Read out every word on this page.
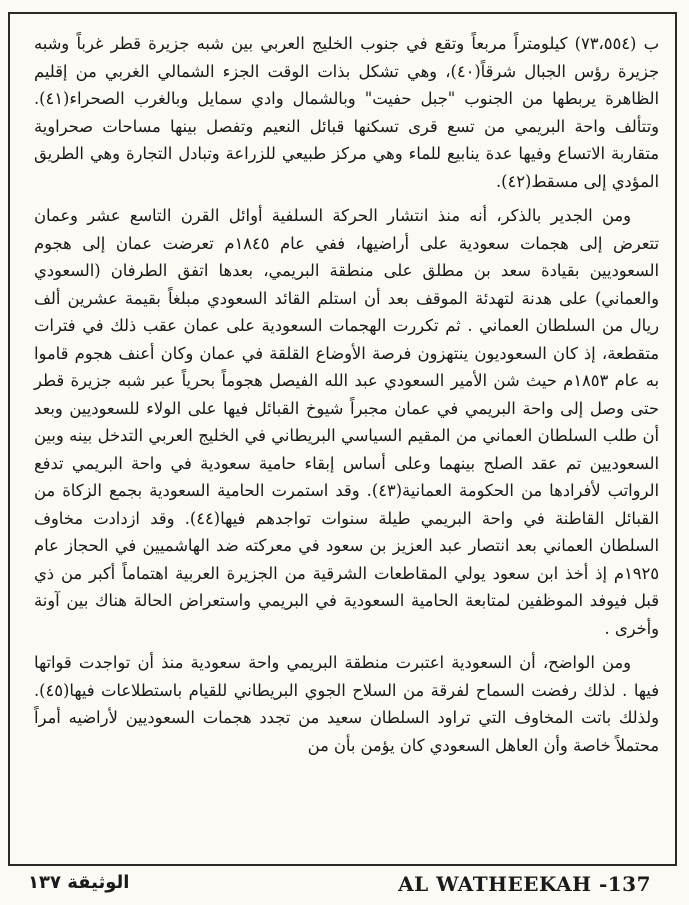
ب (٧٣،٥٥٤) كيلومتراً مربعاً وتقع في جنوب الخليج العربي بين شبه جزيرة قطر غرباً وشبه جزيرة رؤس الجبال شرقاً(٤٠)، وهي تشكل بذات الوقت الجزء الشمالي الغربي من إقليم الظاهرة يربطها من الجنوب "جبل حفيت" وبالشمال وادي سمايل وبالغرب الصحراء(٤١). وتتألف واحة البريمي من تسع قرى تسكنها قبائل النعيم وتفصل بينها مساحات صحراوية متقاربة الاتساع وفيها عدة ينابيع للماء وهي مركز طبيعي للزراعة وتبادل التجارة وهي الطريق المؤدي إلى مسقط(٤٢).

ومن الجدير بالذكر، أنه منذ انتشار الحركة السلفية أوائل القرن التاسع عشر وعمان تتعرض إلى هجمات سعودية على أراضيها، ففي عام ١٨٤٥م تعرضت عمان إلى هجوم السعوديين بقيادة سعد بن مطلق على منطقة البريمي، بعدها اتفق الطرفان (السعودي والعماني) على هدنة لتهدئة الموقف بعد أن استلم القائد السعودي مبلغاً بقيمة عشرين ألف ريال من السلطان العماني . ثم تكررت الهجمات السعودية على عمان عقب ذلك في فترات متقطعة، إذ كان السعوديون ينتهزون فرصة الأوضاع القلقة في عمان وكان أعنف هجوم قاموا به عام ١٨٥٣م حيث شن الأمير السعودي عبد الله الفيصل هجوماً بحرياً عبر شبه جزيرة قطر حتى وصل إلى واحة البريمي في عمان مجبراً شيوخ القبائل فيها على الولاء للسعوديين وبعد أن طلب السلطان العماني من المقيم السياسي البريطاني في الخليج العربي التدخل بينه وبين السعوديين تم عقد الصلح بينهما وعلى أساس إبقاء حامية سعودية في واحة البريمي تدفع الرواتب لأفرادها من الحكومة العمانية(٤٣). وقد استمرت الحامية السعودية بجمع الزكاة من القبائل القاطنة في واحة البريمي طيلة سنوات تواجدهم فيها(٤٤). وقد ازدادت مخاوف السلطان العماني بعد انتصار عبد العزيز بن سعود في معركته ضد الهاشميين في الحجاز عام ١٩٢٥م إذ أخذ ابن سعود يولي المقاطعات الشرقية من الجزيرة العربية اهتماماً أكبر من ذي قبل فيوفد الموظفين لمتابعة الحامية السعودية في البريمي واستعراض الحالة هناك بين آونة وأخرى .

ومن الواضح، أن السعودية اعتبرت منطقة البريمي واحة سعودية منذ أن تواجدت قواتها فيها . لذلك رفضت السماح لفرقة من السلاح الجوي البريطاني للقيام باستطلاعات فيها(٤٥). ولذلك باتت المخاوف التي تراود السلطان سعيد من تجدد هجمات السعوديين لأراضيه أمراً محتملاً خاصة وأن العاهل السعودي كان يؤمن بأن من

الوثيقة ١٣٧	AL WATHEEKAH -137
